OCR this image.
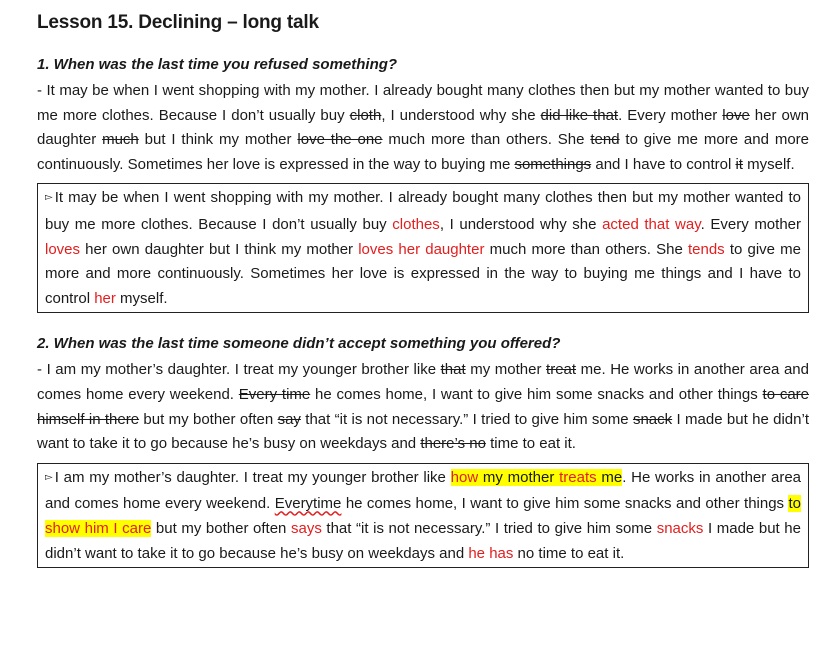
Lesson 15. Declining – long talk
1. When was the last time you refused something?

- It may be when I went shopping with my mother. I already bought many clothes then but my mother wanted to buy me more clothes. Because I don’t usually buy cloth, I understood why she did like that. Every mother love her own daughter much but I think my mother love the one much more than others. She tend to give me more and more continuously. Sometimes her love is expressed in the way to buying me somethings and I have to control it myself.

▻ It may be when I went shopping with my mother. I already bought many clothes then but my mother wanted to buy me more clothes. Because I don’t usually buy clothes, I understood why she acted that way. Every mother loves her own daughter but I think my mother loves her daughter much more than others. She tends to give me more and more continuously. Sometimes her love is expressed in the way to buying me things and I have to control her myself.

2. When was the last time someone didn’t accept something you offered?

- I am my mother’s daughter. I treat my younger brother like that my mother treat me. He works in another area and comes home every weekend. Every time he comes home, I want to give him some snacks and other things to care himself in there but my bother often say that “it is not necessary.” I tried to give him some snack I made but he didn’t want to take it to go because he’s busy on weekdays and there’s no time to eat it.

▻ I am my mother’s daughter. I treat my younger brother like how my mother treats me. He works in another area and comes home every weekend. Everytime he comes home, I want to give him some snacks and other things to show him I care but my bother often says that “it is not necessary.” I tried to give him some snacks I made but he didn’t want to take it to go because he’s busy on weekdays and he has no time to eat it.
